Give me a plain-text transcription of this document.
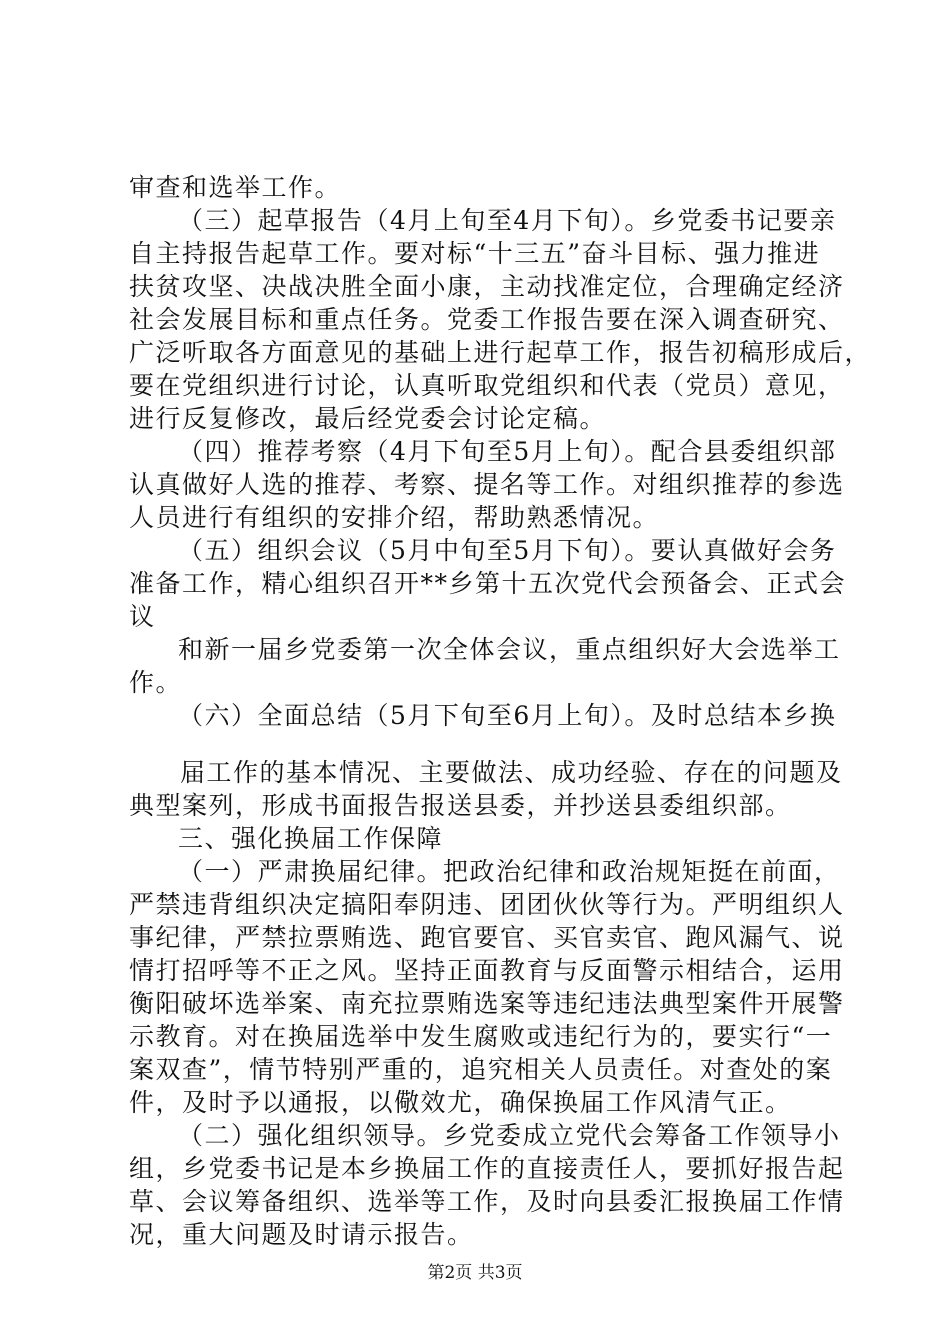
审查和选举工作。
（三）起草报告（4月上旬至4月下旬）。乡党委书记要亲
自主持报告起草工作。要对标“十三五”奋斗目标、强力推进
扶贫攻坚、决战决胜全面小康，主动找准定位，合理确定经济
社会发展目标和重点任务。党委工作报告要在深入调查研究、
广泛听取各方面意见的基础上进行起草工作，报告初稿形成后，
要在党组织进行讨论，认真听取党组织和代表（党员）意见，
进行反复修改，最后经党委会讨论定稿。
（四）推荐考察（4月下旬至5月上旬）。配合县委组织部
认真做好人选的推荐、考察、提名等工作。对组织推荐的参选
人员进行有组织的安排介绍，帮助熟悉情况。
（五）组织会议（5月中旬至5月下旬）。要认真做好会务
准备工作，精心组织召开**乡第十五次党代会预备会、正式会
议
和新一届乡党委第一次全体会议，重点组织好大会选举工
作。
（六）全面总结（5月下旬至6月上旬）。及时总结本乡换
届工作的基本情况、主要做法、成功经验、存在的问题及
典型案列，形成书面报告报送县委，并抄送县委组织部。
三、强化换届工作保障
（一）严肃换届纪律。把政治纪律和政治规矩挺在前面，
严禁违背组织决定搞阳奉阴违、团团伙伙等行为。严明组织人
事纪律，严禁拉票贿选、跑官要官、买官卖官、跑风漏气、说
情打招呼等不正之风。坚持正面教育与反面警示相结合，运用
衡阳破坏选举案、南充拉票贿选案等违纪违法典型案件开展警
示教育。对在换届选举中发生腐败或违纪行为的，要实行“一
案双查”，情节特别严重的，追究相关人员责任。对查处的案
件，及时予以通报，以儆效尤，确保换届工作风清气正。
（二）强化组织领导。乡党委成立党代会筹备工作领导小
组，乡党委书记是本乡换届工作的直接责任人，要抓好报告起
草、会议筹备组织、选举等工作，及时向县委汇报换届工作情
况，重大问题及时请示报告。
第2页 共3页
